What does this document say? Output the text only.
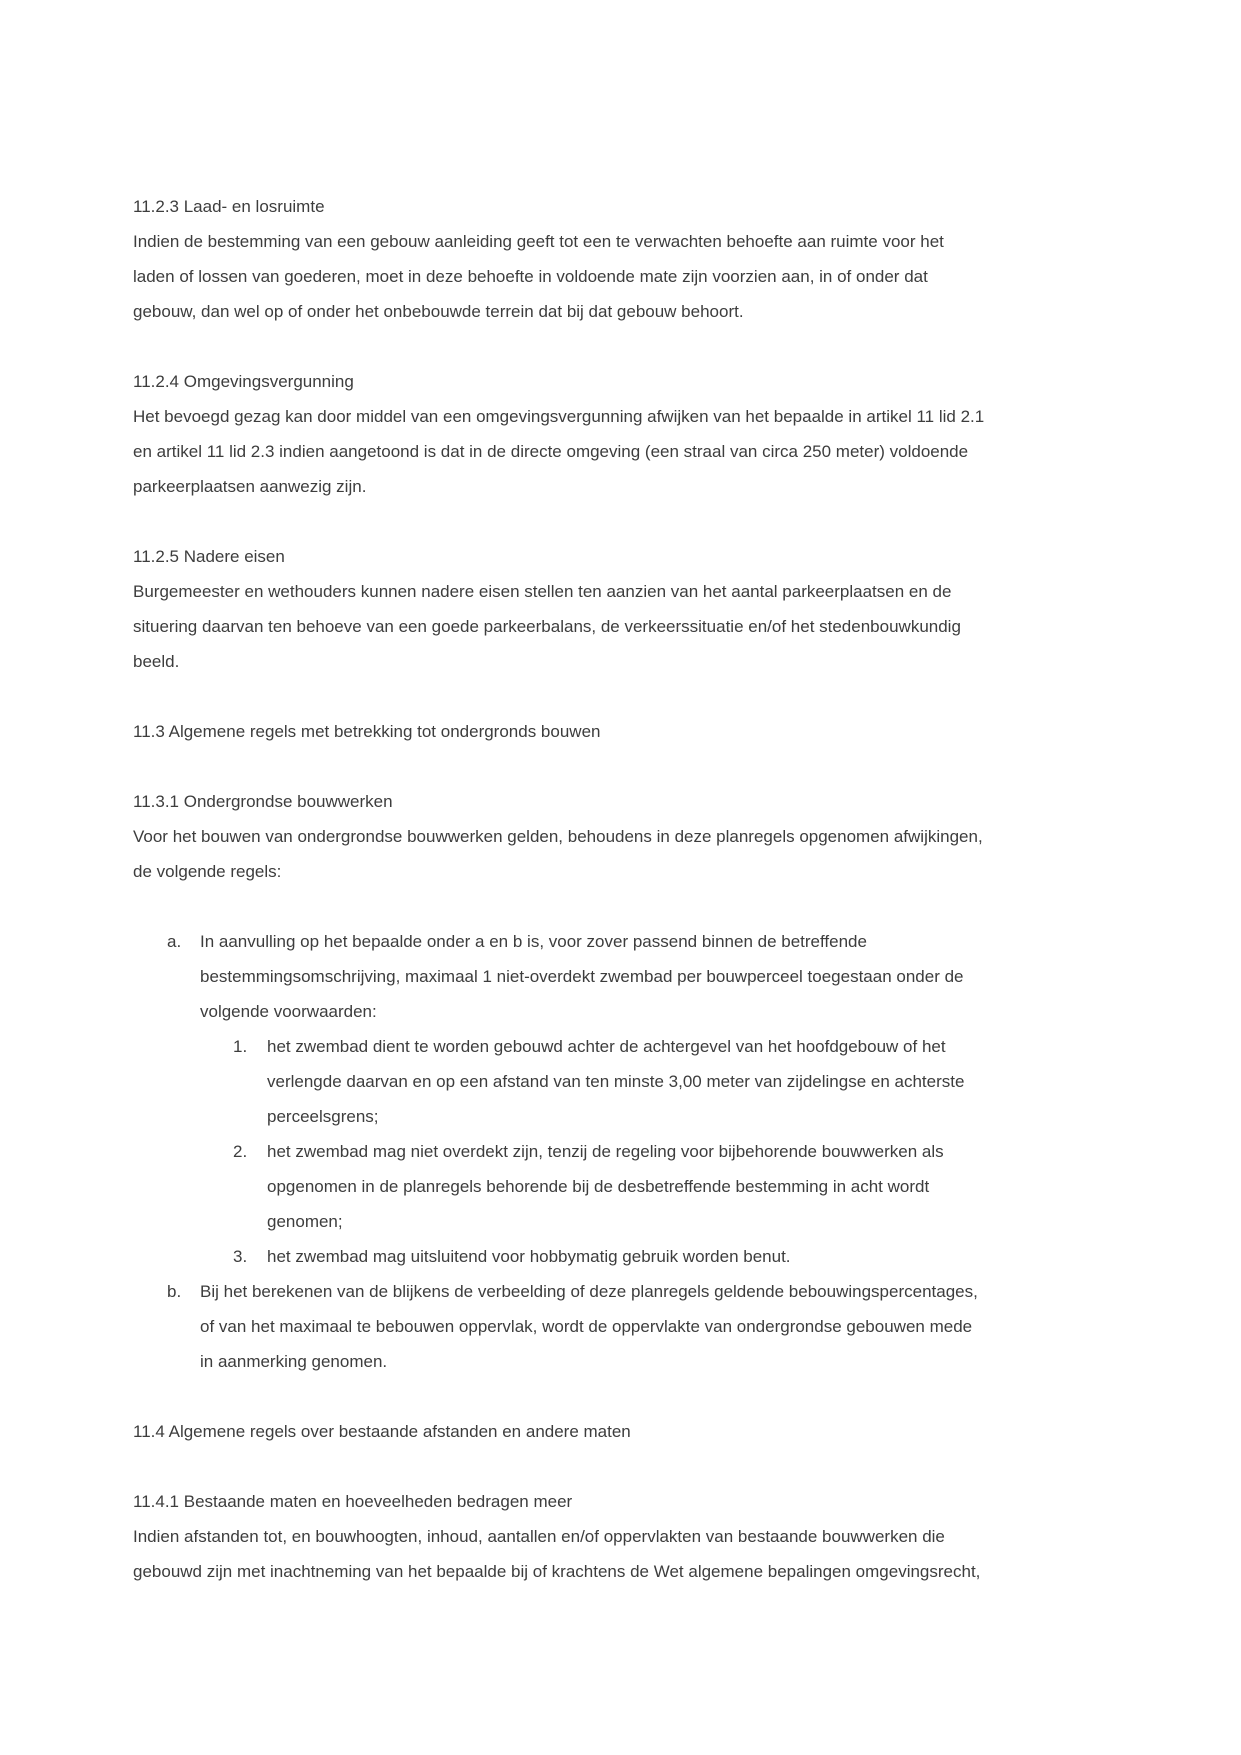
11.2.3 Laad- en losruimte
Indien de bestemming van een gebouw aanleiding geeft tot een te verwachten behoefte aan ruimte voor het
laden of lossen van goederen, moet in deze behoefte in voldoende mate zijn voorzien aan, in of onder dat
gebouw, dan wel op of onder het onbebouwde terrein dat bij dat gebouw behoort.
11.2.4 Omgevingsvergunning
Het bevoegd gezag kan door middel van een omgevingsvergunning afwijken van het bepaalde in artikel 11 lid 2.1
en artikel 11 lid 2.3 indien aangetoond is dat in de directe omgeving (een straal van circa 250 meter) voldoende
parkeerplaatsen aanwezig zijn.
11.2.5 Nadere eisen
Burgemeester en wethouders kunnen nadere eisen stellen ten aanzien van het aantal parkeerplaatsen en de
situering daarvan ten behoeve van een goede parkeerbalans, de verkeerssituatie en/of het stedenbouwkundig
beeld.
11.3 Algemene regels met betrekking tot ondergronds bouwen
11.3.1 Ondergrondse bouwwerken
Voor het bouwen van ondergrondse bouwwerken gelden, behoudens in deze planregels opgenomen afwijkingen,
de volgende regels:
a. In aanvulling op het bepaalde onder a en b is, voor zover passend binnen de betreffende
bestemmingsomschrijving, maximaal 1 niet-overdekt zwembad per bouwperceel toegestaan onder de
volgende voorwaarden:
1. het zwembad dient te worden gebouwd achter de achtergevel van het hoofdgebouw of het
verlengde daarvan en op een afstand van ten minste 3,00 meter van zijdelingse en achterste
perceelsgrens;
2. het zwembad mag niet overdekt zijn, tenzij de regeling voor bijbehorende bouwwerken als
opgenomen in de planregels behorende bij de desbetreffende bestemming in acht wordt
genomen;
3. het zwembad mag uitsluitend voor hobbymatig gebruik worden benut.
b. Bij het berekenen van de blijkens de verbeelding of deze planregels geldende bebouwingspercentages,
of van het maximaal te bebouwen oppervlak, wordt de oppervlakte van ondergrondse gebouwen mede
in aanmerking genomen.
11.4 Algemene regels over bestaande afstanden en andere maten
11.4.1 Bestaande maten en hoeveelheden bedragen meer
Indien afstanden tot, en bouwhoogten, inhoud, aantallen en/of oppervlakten van bestaande bouwwerken die
gebouwd zijn met inachtneming van het bepaalde bij of krachtens de Wet algemene bepalingen omgevingsrecht,
